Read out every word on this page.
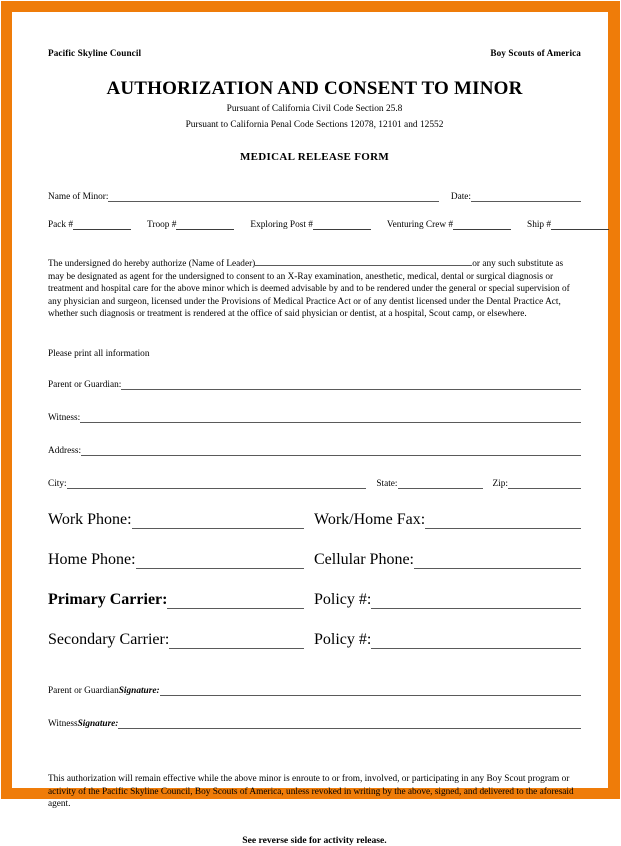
Pacific Skyline Council	Boy Scouts of America
AUTHORIZATION AND CONSENT TO MINOR
Pursuant of California Civil Code Section 25.8
Pursuant to California Penal Code Sections 12078, 12101 and 12552
MEDICAL RELEASE FORM
Name of Minor:	Date:
Pack #	Troop #	Exploring Post #	Venturing Crew #	Ship #
The undersigned do hereby authorize (Name of Leader)	or any such substitute as may be designated as agent for the undersigned to consent to an X-Ray examination, anesthetic, medical, dental or surgical diagnosis or treatment and hospital care for the above minor which is deemed advisable by and to be rendered under the general or special supervision of any physician and surgeon, licensed under the Provisions of Medical Practice Act or of any dentist licensed under the Dental Practice Act, whether such diagnosis or treatment is rendered at the office of said physician or dentist, at a hospital, Scout camp, or elsewhere.
Please print all information
Parent or Guardian:
Witness:
Address:
City:	State:	Zip:
Work Phone:	Work/Home Fax:
Home Phone:	Cellular Phone:
Primary Carrier:	Policy #:
Secondary Carrier:	Policy #:
Parent or Guardian Signature:
Witness Signature:
This authorization will remain effective while the above minor is enroute to or from, involved, or participating in any Boy Scout program or activity of the Pacific Skyline Council, Boy Scouts of America, unless revoked in writing by the above, signed, and delivered to the aforesaid agent.
See reverse side for activity release.
